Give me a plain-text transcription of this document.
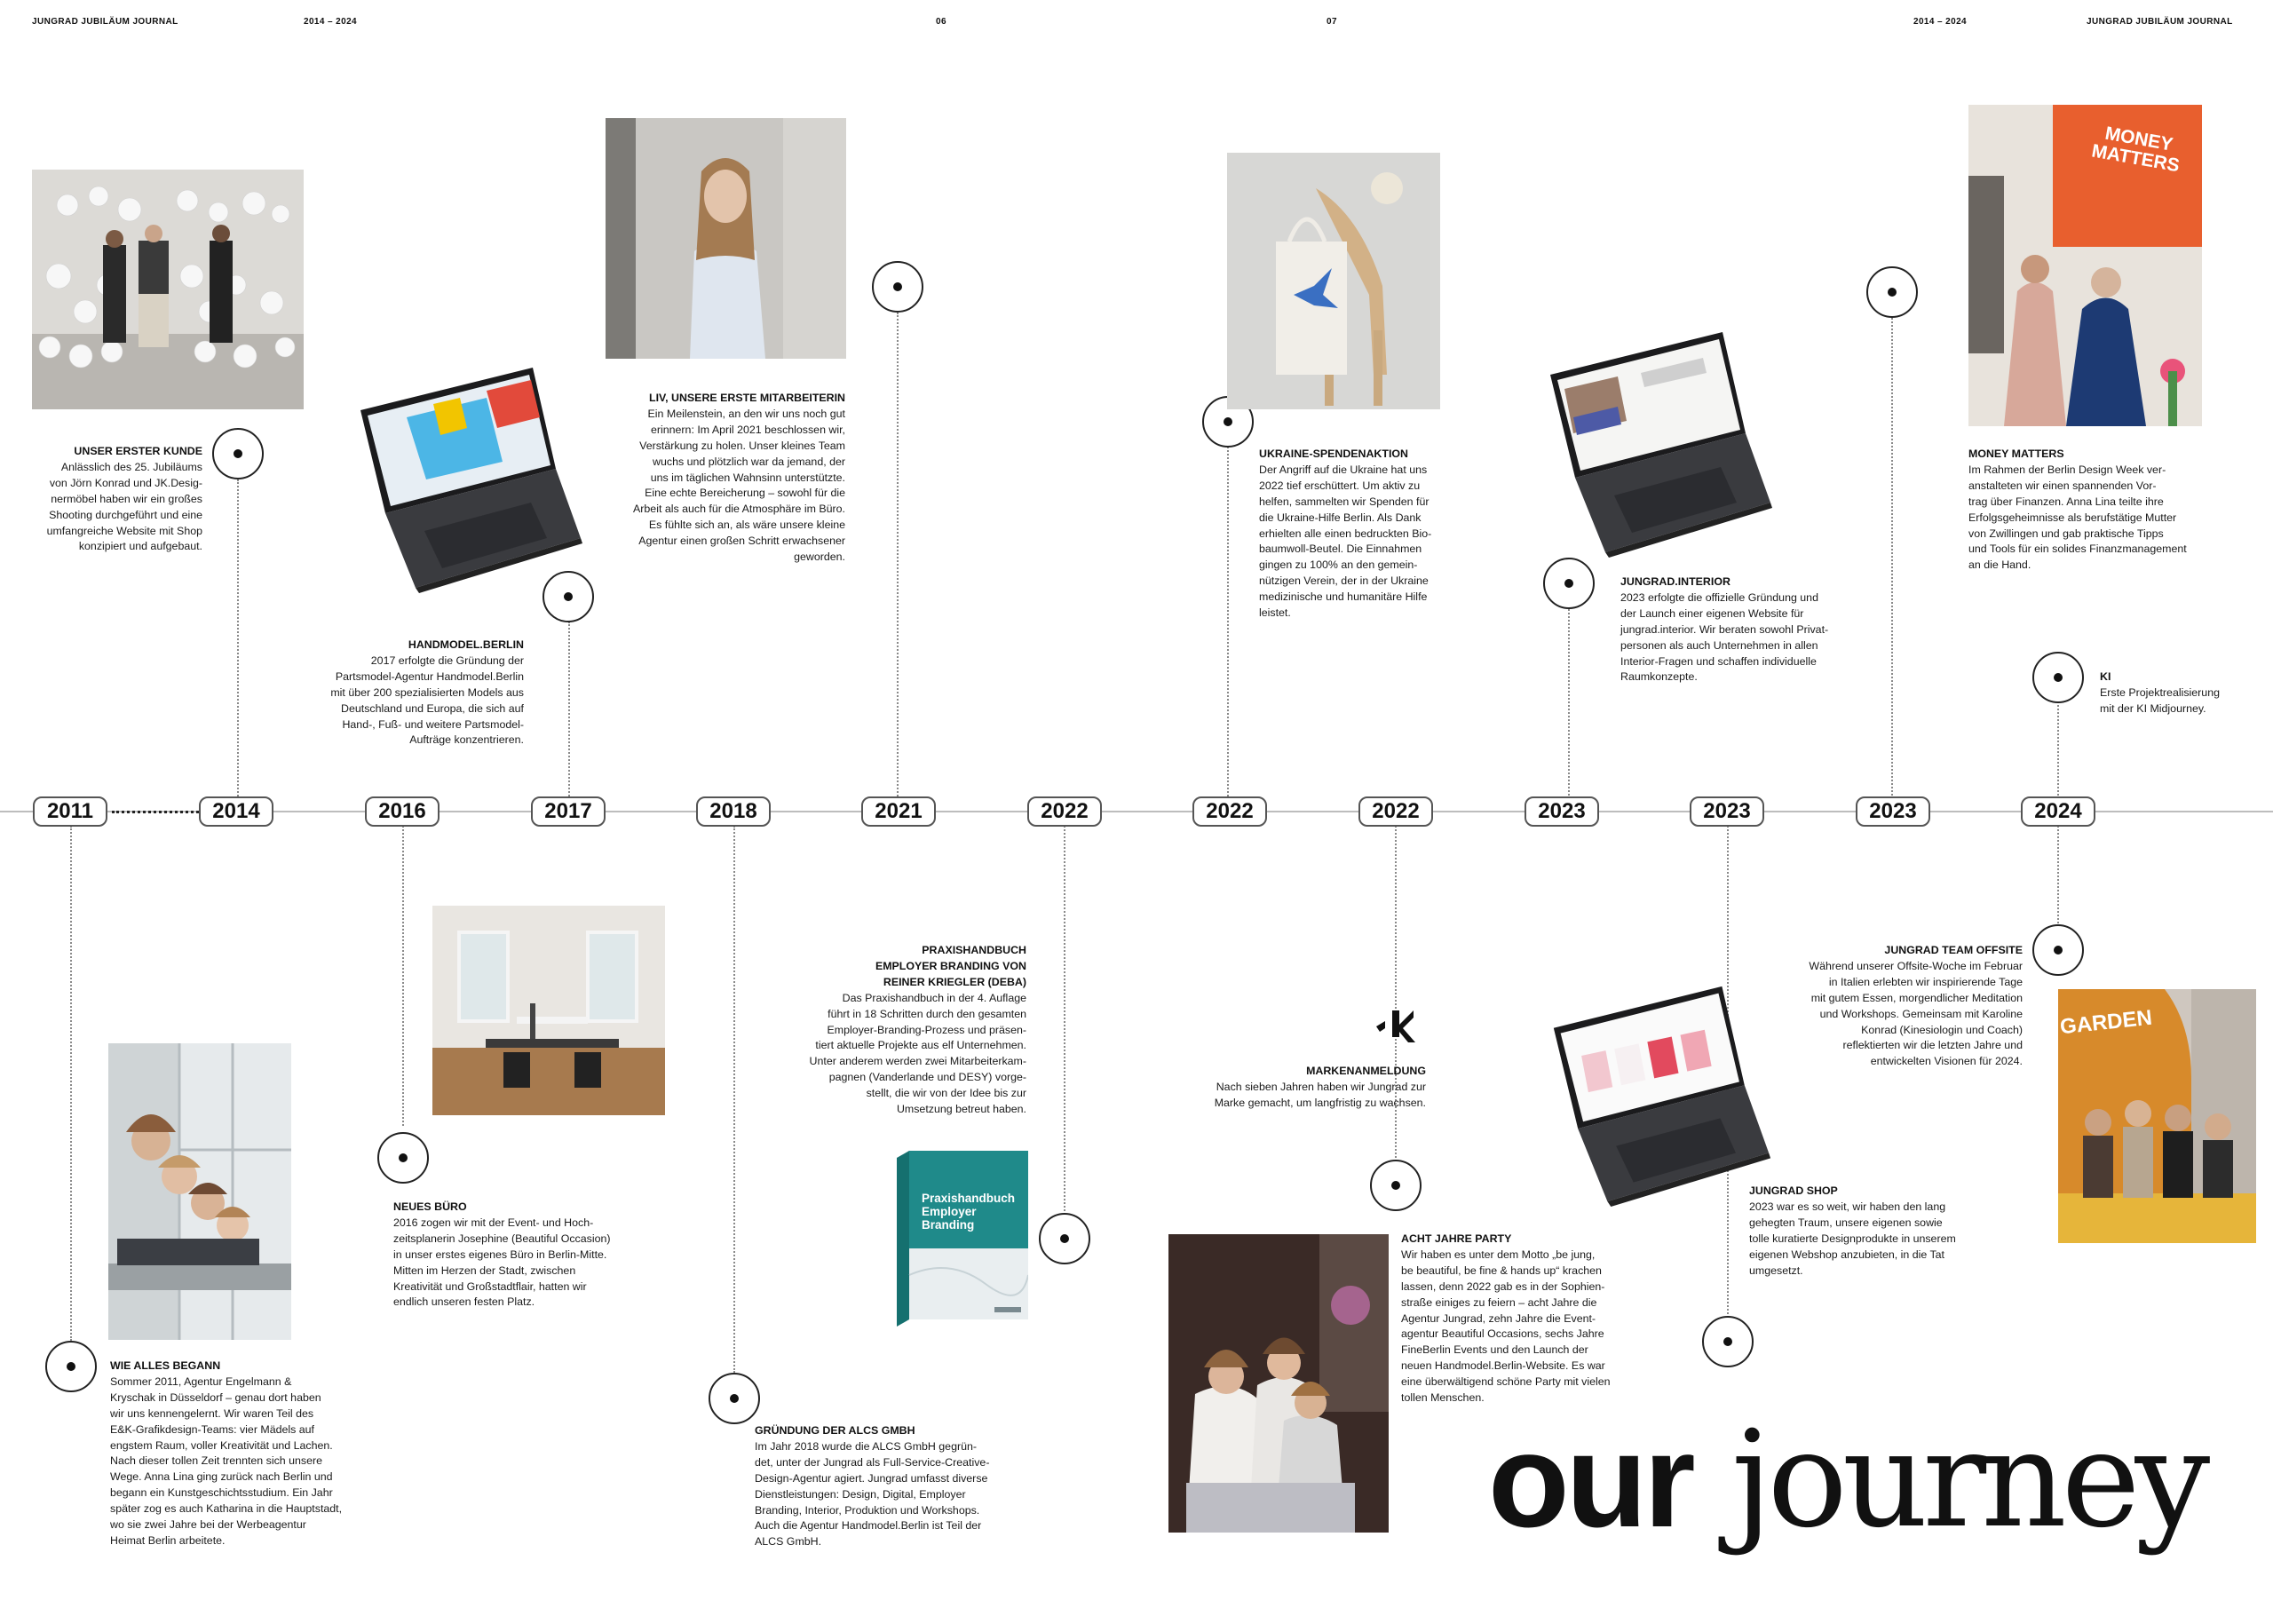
JUNGRAD JUBILÄUM JOURNAL	2014 – 2024	06	07	2014 – 2024	JUNGRAD JUBILÄUM JOURNAL
2011	2014	2016	2017	2018	2021	2022	2022	2022	2023	2023	2023	2024
MONEY MATTERS
Praxishandbuch Employer Branding
GARDEN
UNSER ERSTER KUNDE

Anlässlich des 25. Jubiläums

von Jörn Konrad und JK.Desig-

nermöbel haben wir ein großes

Shooting durchgeführt und eine

umfangreiche Website mit Shop

konzipiert und aufgebaut.

HANDMODEL.BERLIN

2017 erfolgte die Gründung der

Partsmodel-Agentur Handmodel.Berlin

mit über 200 spezialisierten Models aus

Deutschland und Europa, die sich auf

Hand-, Fuß- und weitere Partsmodel-

Aufträge konzentrieren.

LIV, UNSERE ERSTE MITARBEITERIN

Ein Meilenstein, an den wir uns noch gut

erinnern: Im April 2021 beschlossen wir,

Verstärkung zu holen. Unser kleines Team

wuchs und plötzlich war da jemand, der

uns im täglichen Wahnsinn unterstützte.

Eine echte Bereicherung – sowohl für die

Arbeit als auch für die Atmosphäre im Büro.

Es fühlte sich an, als wäre unsere kleine

Agentur einen großen Schritt erwachsener

geworden.

UKRAINE-SPENDENAKTION

Der Angriff auf die Ukraine hat uns

2022 tief erschüttert. Um aktiv zu

helfen, sammelten wir Spenden für

die Ukraine-Hilfe Berlin. Als Dank

erhielten alle einen bedruckten Bio-

baumwoll-Beutel. Die Einnahmen

gingen zu 100% an den gemein-

nützigen Verein, der in der Ukraine

medizinische und humanitäre Hilfe

leistet.

JUNGRAD.INTERIOR

2023 erfolgte die offizielle Gründung und

der Launch einer eigenen Website für

jungrad.interior. Wir beraten sowohl Privat-

personen als auch Unternehmen in allen

Interior-Fragen und schaffen individuelle

Raumkonzepte.

MONEY MATTERS

Im Rahmen der Berlin Design Week ver-

anstalteten wir einen spannenden Vor-

trag über Finanzen. Anna Lina teilte ihre

Erfolgsgeheimnisse als berufstätige Mutter

von Zwillingen und gab praktische Tipps

und Tools für ein solides Finanzmanagement

an die Hand.

KI

Erste Projektrealisierung

mit der KI Midjourney.

WIE ALLES BEGANN

Sommer 2011, Agentur Engelmann &

Kryschak in Düsseldorf – genau dort haben

wir uns kennengelernt. Wir waren Teil des

E&K-Grafikdesign-Teams: vier Mädels auf

engstem Raum, voller Kreativität und Lachen.

Nach dieser tollen Zeit trennten sich unsere

Wege. Anna Lina ging zurück nach Berlin und

begann ein Kunstgeschichtsstudium. Ein Jahr

später zog es auch Katharina in die Hauptstadt,

wo sie zwei Jahre bei der Werbeagentur

Heimat Berlin arbeitete.

NEUES BÜRO

2016 zogen wir mit der Event- und Hoch-

zeitsplanerin Josephine (Beautiful Occasion)

in unser erstes eigenes Büro in Berlin-Mitte.

Mitten im Herzen der Stadt, zwischen

Kreativität und Großstadtflair, hatten wir

endlich unseren festen Platz.

GRÜNDUNG DER ALCS GMBH

Im Jahr 2018 wurde die ALCS GmbH gegrün-

det, unter der Jungrad als Full-Service-Creative-

Design-Agentur agiert. Jungrad umfasst diverse

Dienstleistungen: Design, Digital, Employer

Branding, Interior, Produktion und Workshops.

Auch die Agentur Handmodel.Berlin ist Teil der

ALCS GmbH.

PRAXISHANDBUCH
EMPLOYER BRANDING VON
REINER KRIEGLER (DEBA)

Das Praxishandbuch in der 4. Auflage

führt in 18 Schritten durch den gesamten

Employer-Branding-Prozess und präsen-

tiert aktuelle Projekte aus elf Unternehmen.

Unter anderem werden zwei Mitarbeiterkam-

pagnen (Vanderlande und DESY) vorge-

stellt, die wir von der Idee bis zur

Umsetzung betreut haben.

MARKENANMELDUNG

Nach sieben Jahren haben wir Jungrad zur

Marke gemacht, um langfristig zu wachsen.

ACHT JAHRE PARTY

Wir haben es unter dem Motto „be jung,

be beautiful, be fine & hands up“ krachen

lassen, denn 2022 gab es in der Sophien-

straße einiges zu feiern – acht Jahre die

Agentur Jungrad, zehn Jahre die Event-

agentur Beautiful Occasions, sechs Jahre

FineBerlin Events und den Launch der

neuen Handmodel.Berlin-Website. Es war

eine überwältigend schöne Party mit vielen

tollen Menschen.

JUNGRAD SHOP

2023 war es so weit, wir haben den lang

gehegten Traum, unsere eigenen sowie

tolle kuratierte Designprodukte in unserem

eigenen Webshop anzubieten, in die Tat

umgesetzt.

JUNGRAD TEAM OFFSITE

Während unserer Offsite-Woche im Februar

in Italien erlebten wir inspirierende Tage

mit gutem Essen, morgendlicher Meditation

und Workshops. Gemeinsam mit Karoline

Konrad (Kinesiologin und Coach)

reflektierten wir die letzten Jahre und

entwickelten Visionen für 2024.

our journey
